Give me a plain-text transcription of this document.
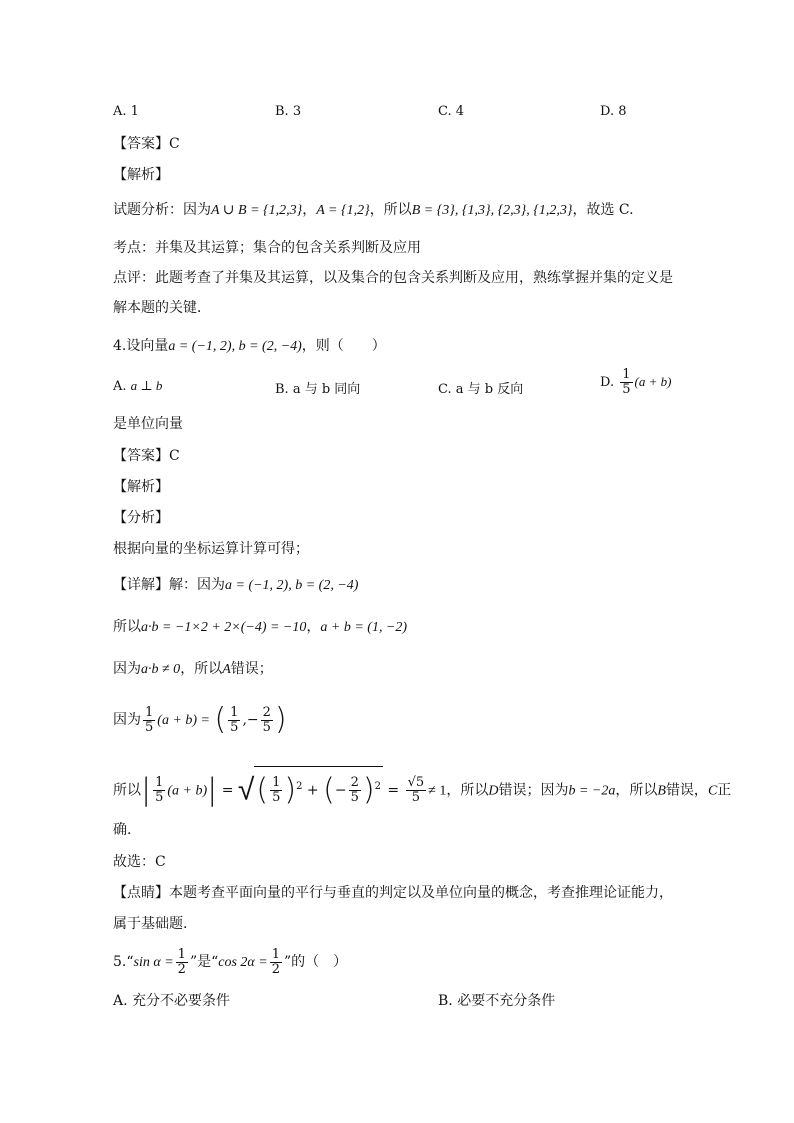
A. 1	B. 3	C. 4	D. 8
【答案】C
【解析】
试题分析：因为A ∪ B = {1,2,3}，A = {1,2}，所以B = {3}, {1,3}, {2,3}, {1,2,3}，故选 C.
考点：并集及其运算；集合的包含关系判断及应用
点评：此题考查了并集及其运算，以及集合的包含关系判断及应用，熟练掌握并集的定义是
解本题的关键．
4.设向量a = (−1, 2), b = (2, −4)，则（　　）
A. a ⊥ b	B. a 与 b 同向	C. a 与 b 反向	D. $\frac{1}{5} (a + b)$
是单位向量
【答案】C
【解析】
【分析】
根据向量的坐标运算计算可得；
【详解】解：因为a = (−1, 2), b = (2, −4)
所以a·b = −1×2 + 2×(−4) = −10，a + b = (1, −2)
因为a·b ≠ 0，所以A错误；
因为 $\frac{1}{5} (a + b)$ = ( $\frac{1}{5}$ ,− $\frac{2}{5}$ )
所以| $\frac{1}{5} (a + b)|$ = √( $\frac{1}{5} )^2$ + (− $\frac{2}{5} )^2 = \frac{√5}{5} \ne 1$，所以D错误；因为b = −2a，所以B错误，C正
确.
故选：C
【点睛】本题考查平面向量的平行与垂直的判定以及单位向量的概念，考查推理论证能力，
属于基础题.
5.“sin $\alpha = \frac{1}{2}$ ”是“cos $2\alpha = \frac{1}{2}$ ”的（　）
A. 充分不必要条件	B. 必要不充分条件
